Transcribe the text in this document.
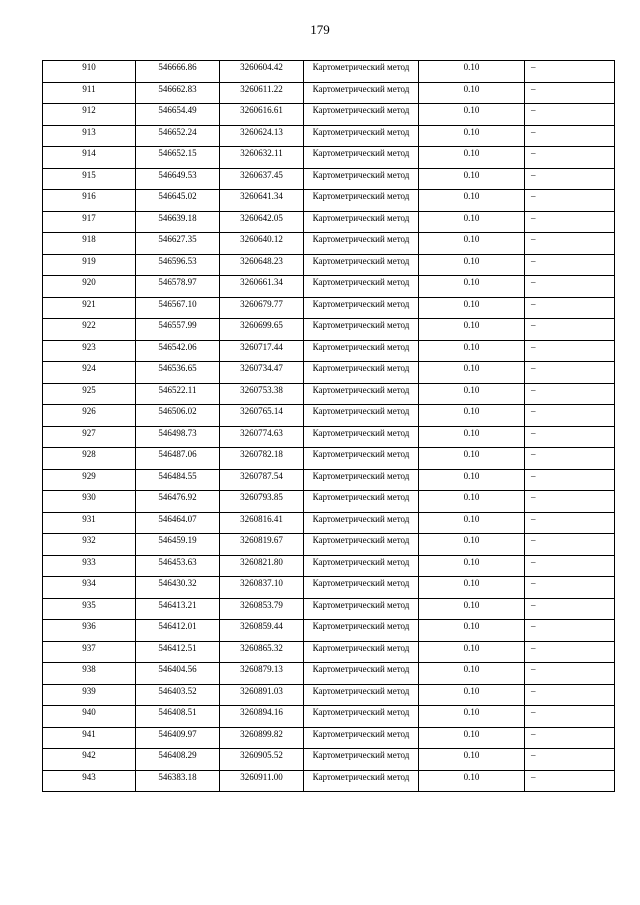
179
910	546666.86	3260604.42	Картометрический метод	0.10	–

911	546662.83	3260611.22	Картометрический метод	0.10	–

912	546654.49	3260616.61	Картометрический метод	0.10	–

913	546652.24	3260624.13	Картометрический метод	0.10	–

914	546652.15	3260632.11	Картометрический метод	0.10	–

915	546649.53	3260637.45	Картометрический метод	0.10	–

916	546645.02	3260641.34	Картометрический метод	0.10	–

917	546639.18	3260642.05	Картометрический метод	0.10	–

918	546627.35	3260640.12	Картометрический метод	0.10	–

919	546596.53	3260648.23	Картометрический метод	0.10	–

920	546578.97	3260661.34	Картометрический метод	0.10	–

921	546567.10	3260679.77	Картометрический метод	0.10	–

922	546557.99	3260699.65	Картометрический метод	0.10	–

923	546542.06	3260717.44	Картометрический метод	0.10	–

924	546536.65	3260734.47	Картометрический метод	0.10	–

925	546522.11	3260753.38	Картометрический метод	0.10	–

926	546506.02	3260765.14	Картометрический метод	0.10	–

927	546498.73	3260774.63	Картометрический метод	0.10	–

928	546487.06	3260782.18	Картометрический метод	0.10	–

929	546484.55	3260787.54	Картометрический метод	0.10	–

930	546476.92	3260793.85	Картометрический метод	0.10	–

931	546464.07	3260816.41	Картометрический метод	0.10	–

932	546459.19	3260819.67	Картометрический метод	0.10	–

933	546453.63	3260821.80	Картометрический метод	0.10	–

934	546430.32	3260837.10	Картометрический метод	0.10	–

935	546413.21	3260853.79	Картометрический метод	0.10	–

936	546412.01	3260859.44	Картометрический метод	0.10	–

937	546412.51	3260865.32	Картометрический метод	0.10	–

938	546404.56	3260879.13	Картометрический метод	0.10	–

939	546403.52	3260891.03	Картометрический метод	0.10	–

940	546408.51	3260894.16	Картометрический метод	0.10	–

941	546409.97	3260899.82	Картометрический метод	0.10	–

942	546408.29	3260905.52	Картометрический метод	0.10	–

943	546383.18	3260911.00	Картометрический метод	0.10	–
